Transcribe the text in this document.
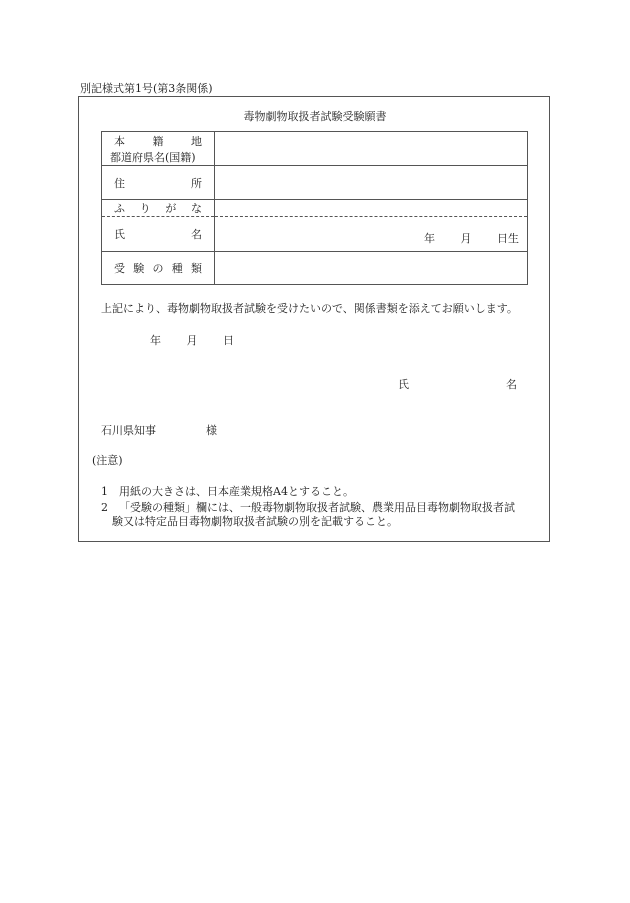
別記様式第1号(第3条関係)
毒物劇物取扱者試験受験願書
本 籍 地
都道府県名(国籍)	

住 所	

ふ り が な	

氏 名	年 月 日生

受 験 の 種 類	

上記により、毒物劇物取扱者試験を受けたいので、関係書類を添えてお願いします。
年 月 日
氏	名
石川県知事	様
(注意)
1 用紙の大きさは、日本産業規格A4とすること。
2 「受験の種類」欄には、一般毒物劇物取扱者試験、農業用品目毒物劇物取扱者試
験又は特定品目毒物劇物取扱者試験の別を記載すること。
